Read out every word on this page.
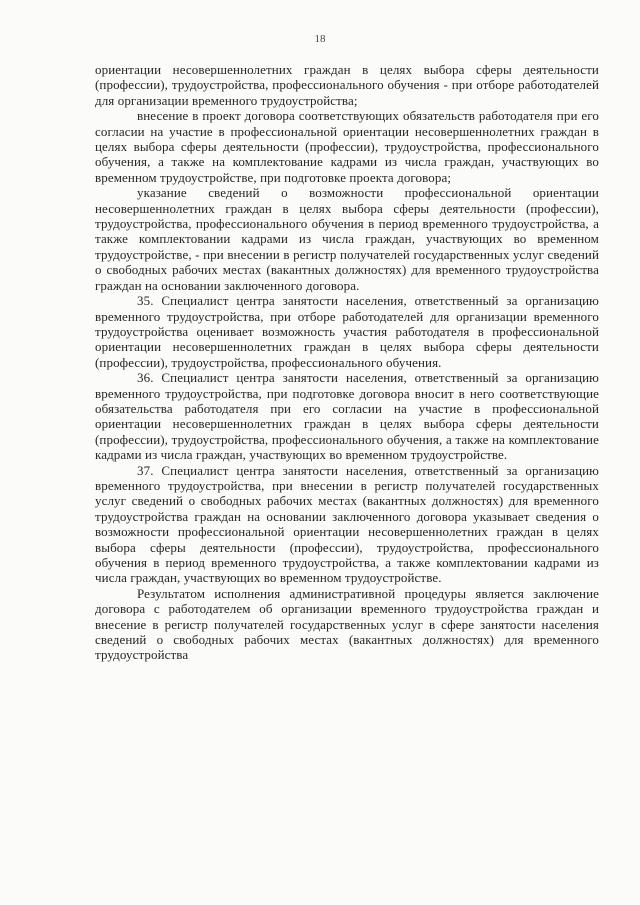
18

ориентации несовершеннолетних граждан в целях выбора сферы деятельности (профессии), трудоустройства, профессионального обучения - при отборе работодателей для организации временного трудоустройства;

внесение в проект договора соответствующих обязательств работодателя при его согласии на участие в профессиональной ориентации несовершеннолетних граждан в целях выбора сферы деятельности (профессии), трудоустройства, профессионального обучения, а также на комплектование кадрами из числа граждан, участвующих во временном трудоустройстве, при подготовке проекта договора;

указание сведений о возможности профессиональной ориентации несовершеннолетних граждан в целях выбора сферы деятельности (профессии), трудоустройства, профессионального обучения в период временного трудоустройства, а также комплектовании кадрами из числа граждан, участвующих во временном трудоустройстве, - при внесении в регистр получателей государственных услуг сведений о свободных рабочих местах (вакантных должностях) для временного трудоустройства граждан на основании заключенного договора.

35. Специалист центра занятости населения, ответственный за организацию временного трудоустройства, при отборе работодателей для организации временного трудоустройства оценивает возможность участия работодателя в профессиональной ориентации несовершеннолетних граждан в целях выбора сферы деятельности (профессии), трудоустройства, профессионального обучения.

36. Специалист центра занятости населения, ответственный за организацию временного трудоустройства, при подготовке договора вносит в него соответствующие обязательства работодателя при его согласии на участие в профессиональной ориентации несовершеннолетних граждан в целях выбора сферы деятельности (профессии), трудоустройства, профессионального обучения, а также на комплектование кадрами из числа граждан, участвующих во временном трудоустройстве.

37. Специалист центра занятости населения, ответственный за организацию временного трудоустройства, при внесении в регистр получателей государственных услуг сведений о свободных рабочих местах (вакантных должностях) для временного трудоустройства граждан на основании заключенного договора указывает сведения о возможности профессиональной ориентации несовершеннолетних граждан в целях выбора сферы деятельности (профессии), трудоустройства, профессионального обучения в период временного трудоустройства, а также комплектовании кадрами из числа граждан, участвующих во временном трудоустройстве.

Результатом исполнения административной процедуры является заключение договора с работодателем об организации временного трудоустройства граждан и внесение в регистр получателей государственных услуг в сфере занятости населения сведений о свободных рабочих местах (вакантных должностях) для временного трудоустройства
